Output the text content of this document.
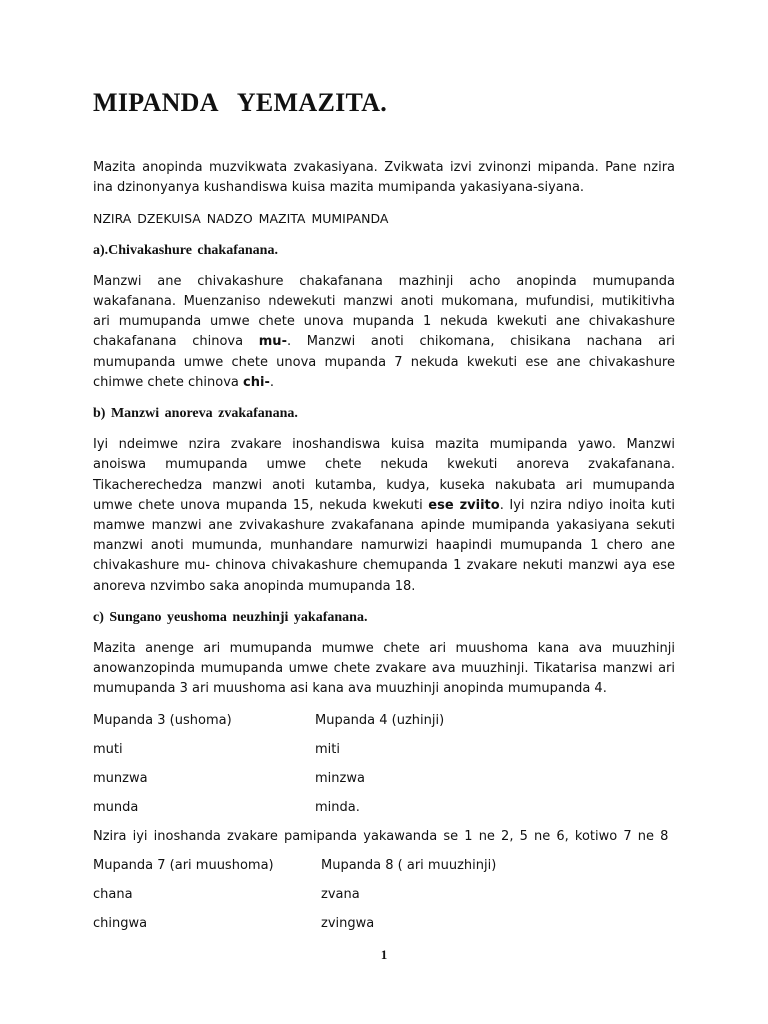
MIPANDA   YEMAZITA.

Mazita anopinda muzvikwata zvakasiyana. Zvikwata izvi zvinonzi mipanda. Pane nzira
ina dzinonyanya kushandiswa kuisa mazita mumipanda yakasiyana-siyana.

NZIRA DZEKUISA NADZO MAZITA MUMIPANDA

a).Chivakashure chakafanana.

Manzwi ane chivakashure chakafanana mazhinji acho anopinda mumupanda
wakafanana. Muenzaniso ndewekuti manzwi anoti mukomana, mufundisi, mutikitivha
ari mumupanda umwe chete unova mupanda 1 nekuda kwekuti ane chivakashure
chakafanana chinova mu-. Manzwi anoti chikomana, chisikana nachana ari
mumupanda umwe chete unova mupanda 7 nekuda kwekuti ese ane chivakashure
chimwe chete chinova chi-.

b) Manzwi anoreva zvakafanana.

Iyi ndeimwe nzira zvakare inoshandiswa kuisa mazita mumipanda yawo. Manzwi
anoiswa mumupanda umwe chete nekuda kwekuti anoreva zvakafanana.
Tikacherechedza manzwi anoti kutamba, kudya, kuseka nakubata ari mumupanda
umwe chete unova mupanda 15, nekuda kwekuti ese zviito. Iyi nzira ndiyo inoita kuti
mamwe manzwi ane zvivakashure zvakafanana apinde mumipanda yakasiyana sekuti
manzwi anoti mumunda, munhandare namurwizi haapindi mumupanda 1 chero ane
chivakashure mu- chinova chivakashure chemupanda 1 zvakare nekuti manzwi aya ese
anoreva nzvimbo saka anopinda mumupanda 18.

c) Sungano yeushoma neuzhinji yakafanana.

Mazita anenge ari mumupanda mumwe chete ari muushoma kana ava muuzhinji
anowanzopinda mumupanda umwe chete zvakare ava muuzhinji. Tikatarisa manzwi ari
mumupanda 3 ari muushoma asi kana ava muuzhinji anopinda mumupanda 4.

Mupanda 3 (ushoma)	Mupanda 4 (uzhinji)
muti	miti
munzwa	minzwa
munda	minda.
Nzira iyi inoshanda zvakare pamipanda yakawanda se 1 ne 2, 5 ne 6, kotiwo 7 ne 8
Mupanda 7 (ari muushoma)	Mupanda 8 ( ari muuzhinji)
chana	zvana
chingwa	zvingwa
1
